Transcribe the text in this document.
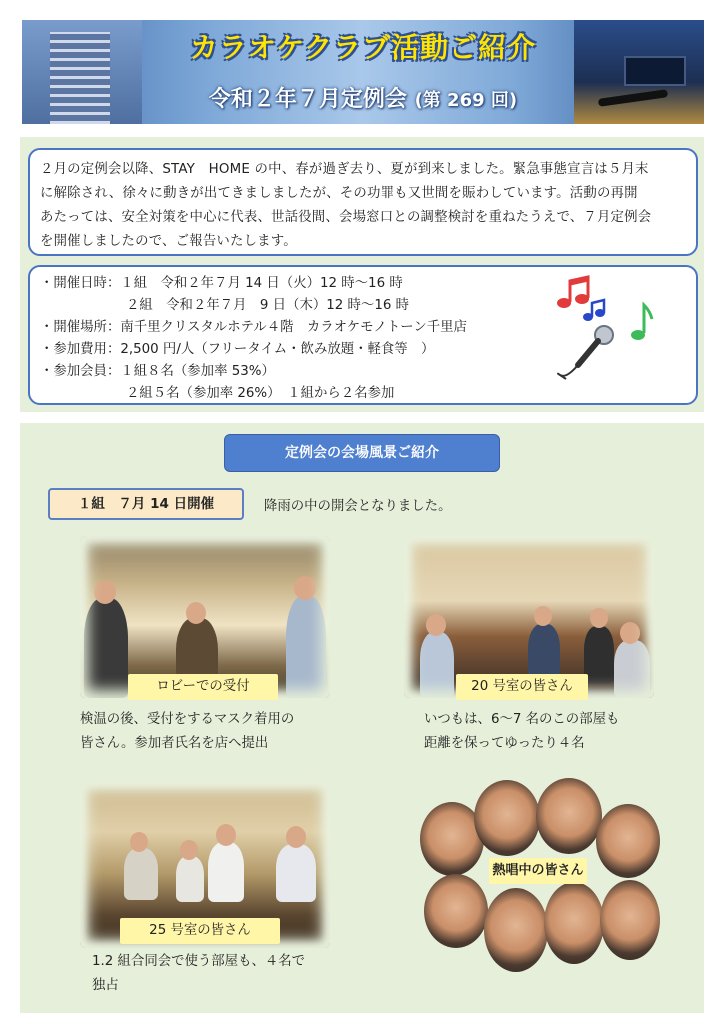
カラオケクラブ活動ご紹介
令和２年７月定例会 (第 269 回)
２月の定例会以降、STAY　HOME の中、春が過ぎ去り、夏が到来しました。緊急事態宣言は５月末
に解除され、徐々に動きが出てきましましたが、その功罪も又世間を賑わしています。活動の再開
あたっては、安全対策を中心に代表、世話役間、会場窓口との調整検討を重ねたうえで、７月定例会
を開催しましたので、ご報告いたします。
・開催日時：１組　令和２年７月 14 日（火）12 時〜16 時
２組　令和２年７月　9 日（木）12 時〜16 時
・開催場所：南千里クリスタルホテル４階　カラオケモノトーン千里店
・参加費用：2,500 円/人（フリータイム・飲み放題・軽食等　）
・参加会員：１組８名（参加率 53%）
２組５名（参加率 26%）　１組から２名参加
定例会の会場風景ご紹介
１組　７月 14 日開催	降雨の中の開会となりました。
ロビーでの受付
検温の後、受付をするマスク着用の
皆さん。参加者氏名を店へ提出
20 号室の皆さん
いつもは、6〜7 名のこの部屋も
距離を保ってゆったり４名
25 号室の皆さん
1.2 組合同会で使う部屋も、４名で
独占
熱唱中の皆さん
